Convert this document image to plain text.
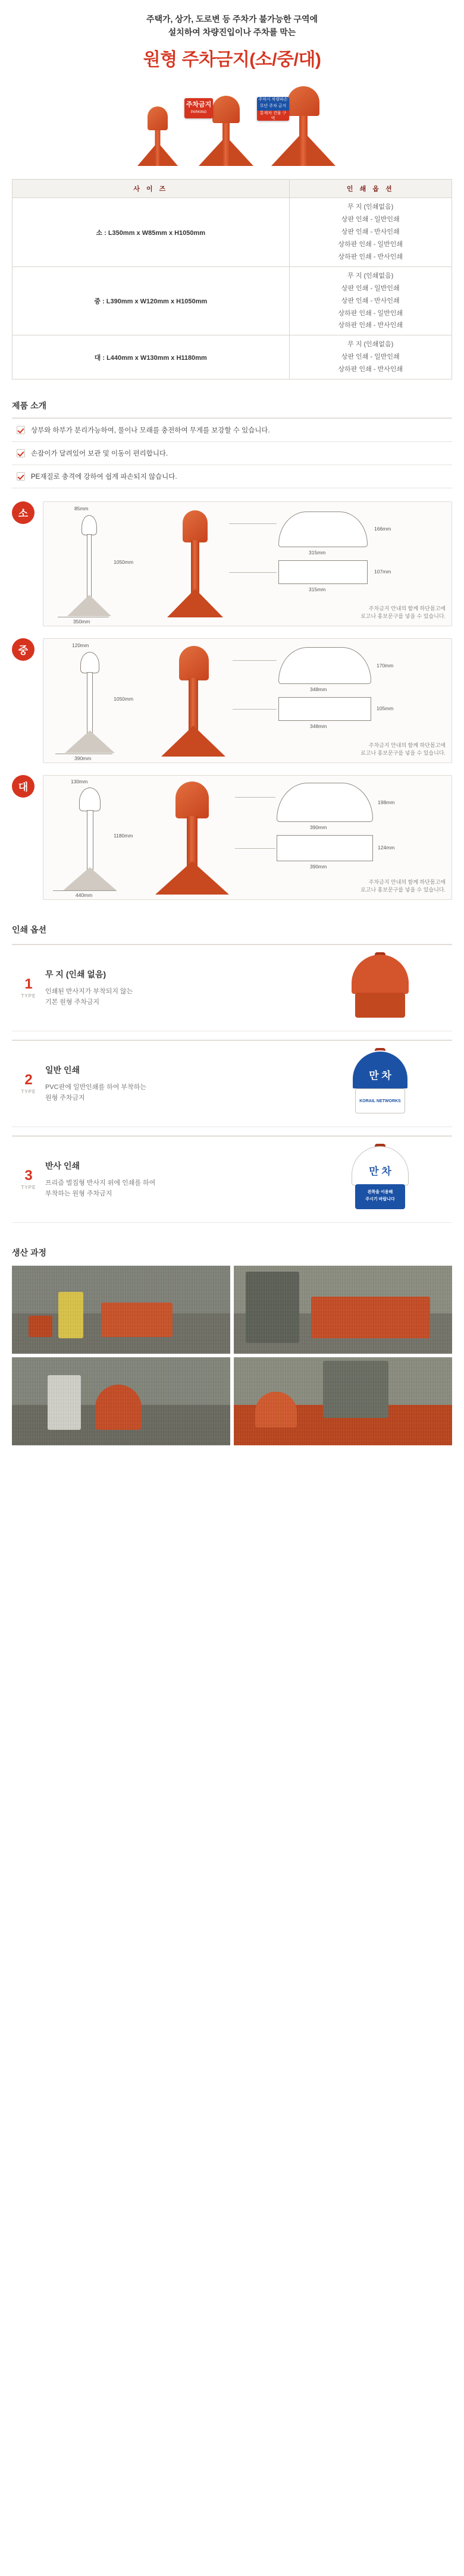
주택가, 상가, 도로변 등 주차가 불가능한 구역에
설치하여 차량진입이나 주차를 막는
원형 주차금지(소/중/대)
주차금지
PARKING
주차시 차량파손
무단 주차 금지
통제차 견물 구역
사 이 즈	인 쇄 옵 션
소 : L350mm x W85mm x H1050mm	무 지 (인쇄없음)
상판 인쇄 - 일반인쇄
상판 인쇄 - 반사인쇄
상하판 인쇄 - 일반인쇄
상하판 인쇄 - 반사인쇄

중 : L390mm x W120mm x H1050mm	무 지 (인쇄없음)
상판 인쇄 - 일반인쇄
상판 인쇄 - 반사인쇄
상하판 인쇄 - 일반인쇄
상하판 인쇄 - 반사인쇄

대 : L440mm x W130mm x H1180mm	무 지 (인쇄없음)
상판 인쇄 - 일반인쇄
상하판 인쇄 - 반사인쇄
제품 소개
상부와 하부가 분리가능하여, 물이나 모래를 충전하여 무게를 보강할 수 있습니다.
손잡이가 달려있어 보관 및 이동이 편리합니다.
PE재질로 충격에 강하여 쉽게 파손되지 않습니다.
소	85mm
1050mm
350mm
315mm
166mm
315mm
107mm
주차금지 안내의 함께 하단몸고에
로고나 홍보문구를 넣을 수 있습니다.
중	120mm
1050mm
390mm
348mm
170mm
348mm
105mm
주차금지 안내의 함께 하단몸고에
로고나 홍보문구를 넣을 수 있습니다.
대
130mm
1180mm
440mm
390mm
198mm
390mm
124mm
주차금지 안내의 함께 하단몸고에
로고나 홍보문구를 넣을 수 있습니다.
인쇄 옵션
1
TYPE
무 지 (인쇄 없음)
인쇄된 반사지가 부착되지 않는
기본 원형 주차금지
2
TYPE
일반 인쇄
PVC판에 일반인쇄를 하여 부착하는
원형 주차금지
만 차
KORAIL NETWORKS
3
TYPE
반사 인쇄
프리즘 벌집형 반사지 위에 인쇄를 하여
부착하는 원형 주차금지
만 차
왼쪽을 이용해
주시기 바랍니다
생산 과정
